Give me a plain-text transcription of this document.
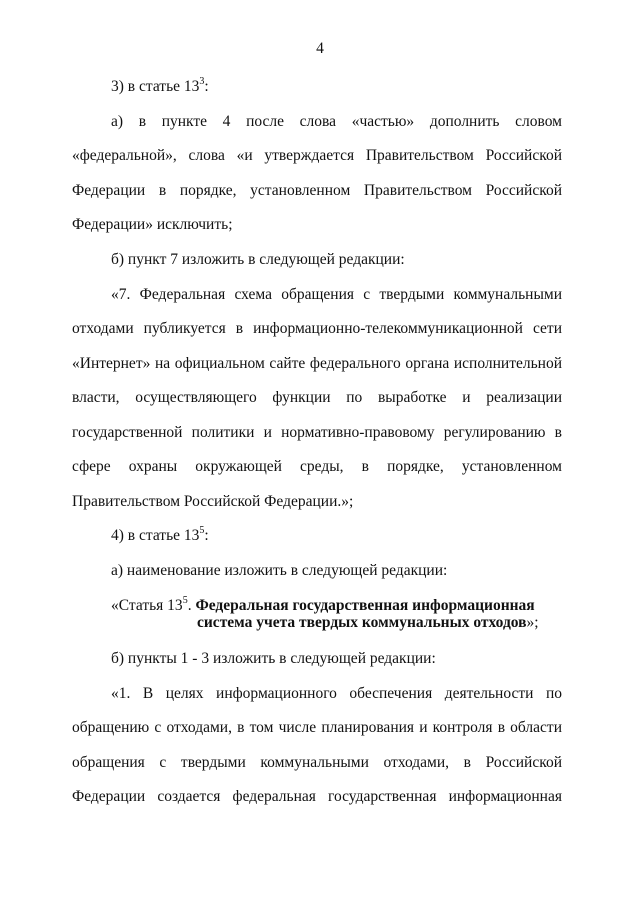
4
3) в статье $13^3$:
а) в пункте 4 после слова «частью» дополнить словом
«федеральной», слова «и утверждается Правительством Российской
Федерации в порядке, установленном Правительством Российской
Федерации» исключить;
б) пункт 7 изложить в следующей редакции:
«7. Федеральная схема обращения с твердыми коммунальными
отходами публикуется в информационно-телекоммуникационной сети
«Интернет» на официальном сайте федерального органа исполнительной
власти, осуществляющего функции по выработке и реализации
государственной политики и нормативно-правовому регулированию в
сфере охраны окружающей среды, в порядке, установленном
Правительством Российской Федерации.»;
4) в статье $13^5$:
а) наименование изложить в следующей редакции:
«Статья $13^5$. Федеральная государственная информационная
система учета твердых коммунальных отходов»;
б) пункты 1 - 3 изложить в следующей редакции:
«1. В целях информационного обеспечения деятельности по
обращению с отходами, в том числе планирования и контроля в области
обращения с твердыми коммунальными отходами, в Российской
Федерации создается федеральная государственная информационная
